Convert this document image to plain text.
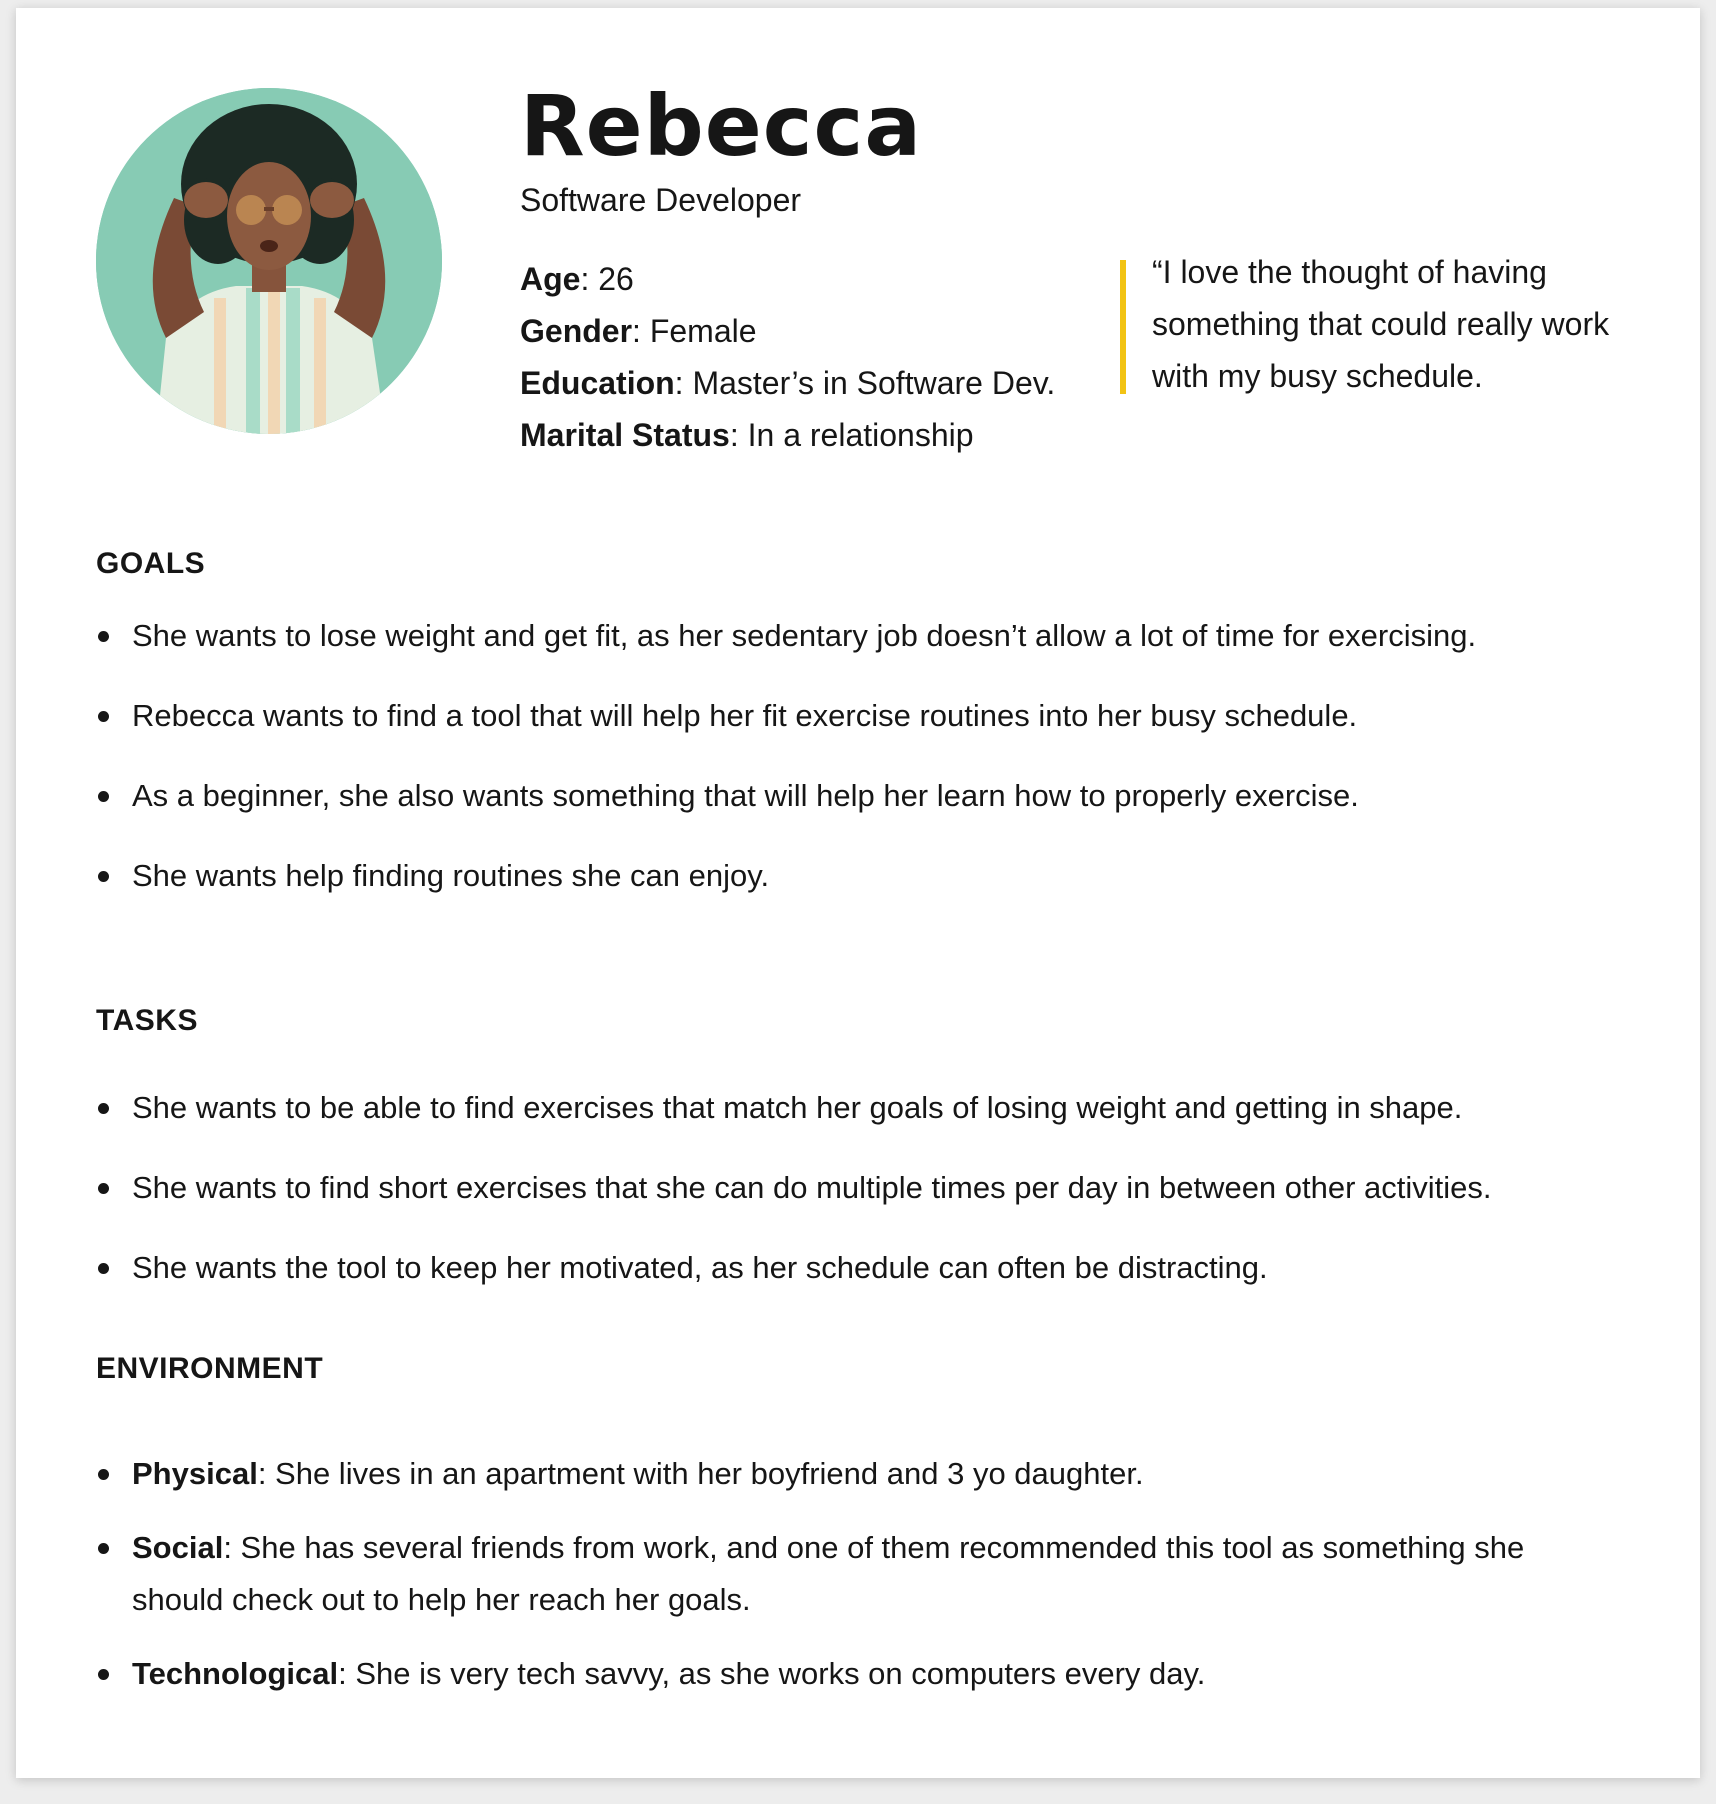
Rebecca
Software Developer
Age: 26
Gender: Female
Education: Master’s in Software Dev.
Marital Status: In a relationship
“I love the thought of having something that could really work with my busy schedule.
GOALS
She wants to lose weight and get fit, as her sedentary job doesn’t allow a lot of time for exercising.
Rebecca wants to find a tool that will help her fit exercise routines into her busy schedule.
As a beginner, she also wants something that will help her learn how to properly exercise.
She wants help finding routines she can enjoy.
TASKS
She wants to be able to find exercises that match her goals of losing weight and getting in shape.
She wants to find short exercises that she can do multiple times per day in between other activities.
She wants the tool to keep her motivated, as her schedule can often be distracting.
ENVIRONMENT
Physical: She lives in an apartment with her boyfriend and 3 yo daughter.
Social: She has several friends from work, and one of them recommended this tool as something she should check out to help her reach her goals.
Technological: She is very tech savvy, as she works on computers every day.
